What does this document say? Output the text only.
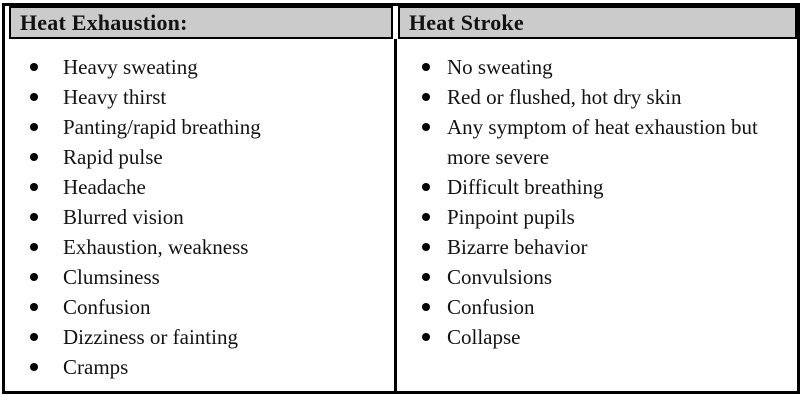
Heat Exhaustion:	Heat Stroke
Heavy sweating
Heavy thirst
Panting/rapid breathing
Rapid pulse
Headache
Blurred vision
Exhaustion, weakness
Clumsiness
Confusion
Dizziness or fainting
Cramps
No sweating
Red or flushed, hot dry skin
Any symptom of heat exhaustion but more severe
Difficult breathing
Pinpoint pupils
Bizarre behavior
Convulsions
Confusion
Collapse
